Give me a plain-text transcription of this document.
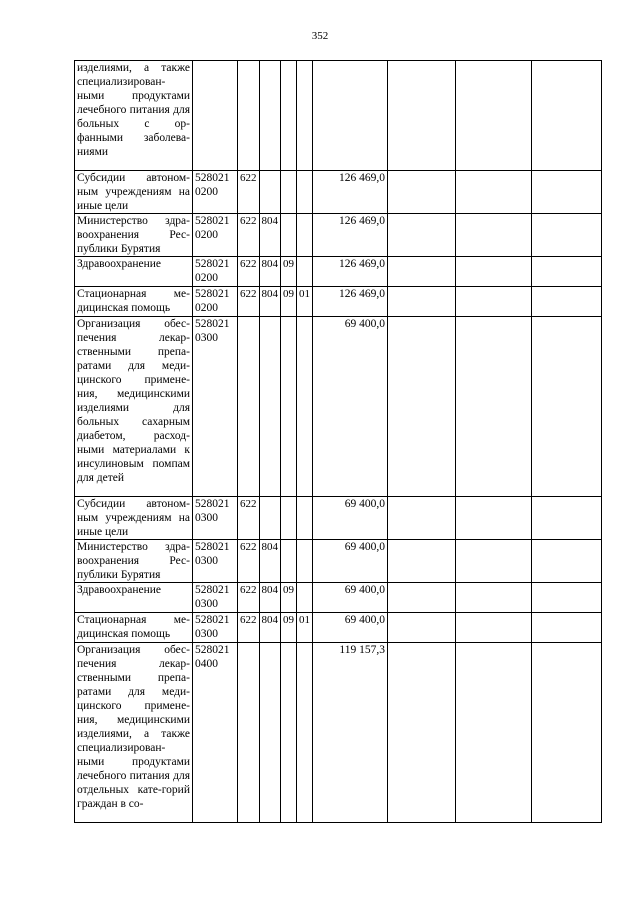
352
изделиями, а также специализирован-ными продуктами лечебного питания для больных с ор-фанными заболева-ниями									
Субсидии автоном-ным учреждениям на иные цели	528021 0200	622				126 469,0			
Министерство здра-воохранения Рес-публики Бурятия	528021 0200	622	804			126 469,0			
Здравоохранение	528021 0200	622	804	09		126 469,0			
Стационарная ме-дицинская помощь	528021 0200	622	804	09	01	126 469,0			
Организация обес-печения лекар-ственными препа-ратами для меди-цинского примене-ния, медицинскими изделиями для больных сахарным диабетом, расход-ными материалами к инсулиновым помпам для детей	528021 0300					69 400,0			
Субсидии автоном-ным учреждениям на иные цели	528021 0300	622				69 400,0			
Министерство здра-воохранения Рес-публики Бурятия	528021 0300	622	804			69 400,0			
Здравоохранение	528021 0300	622	804	09		69 400,0			
Стационарная ме-дицинская помощь	528021 0300	622	804	09	01	69 400,0			
Организация обес-печения лекар-ственными препа-ратами для меди-цинского примене-ния, медицинскими изделиями, а также специализирован-ными продуктами лечебного питания для отдельных кате-горий граждан в со-	528021 0400					119 157,3			
